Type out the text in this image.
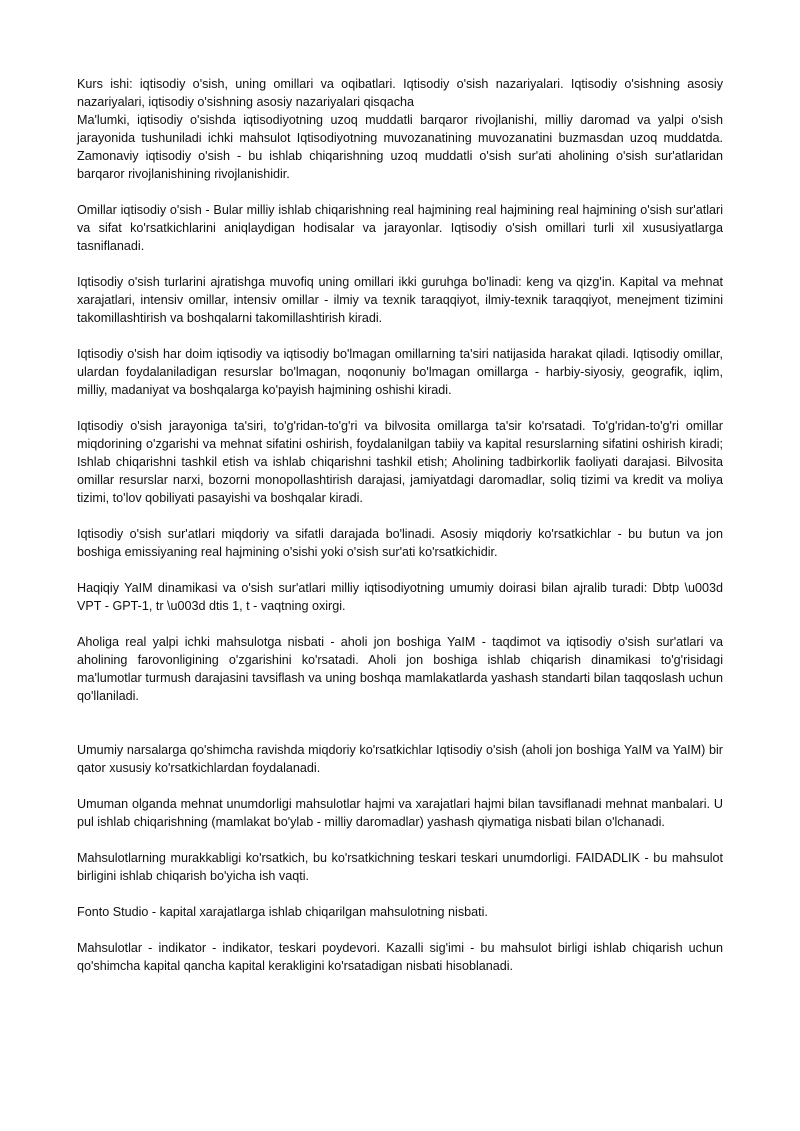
Kurs ishi: iqtisodiy o'sish, uning omillari va oqibatlari. Iqtisodiy o'sish nazariyalari. Iqtisodiy o'sishning asosiy nazariyalari, iqtisodiy o'sishning asosiy nazariyalari qisqacha

Ma'lumki, iqtisodiy o'sishda iqtisodiyotning uzoq muddatli barqaror rivojlanishi, milliy daromad va yalpi o'sish jarayonida tushuniladi ichki mahsulot Iqtisodiyotning muvozanatining muvozanatini buzmasdan uzoq muddatda. Zamonaviy iqtisodiy o'sish - bu ishlab chiqarishning uzoq muddatli o'sish sur'ati aholining o'sish sur'atlaridan barqaror rivojlanishining rivojlanishidir.

Omillar iqtisodiy o'sish - Bular milliy ishlab chiqarishning real hajmining real hajmining real hajmining o'sish sur'atlari va sifat ko'rsatkichlarini aniqlaydigan hodisalar va jarayonlar. Iqtisodiy o'sish omillari turli xil xususiyatlarga tasniflanadi.

Iqtisodiy o'sish turlarini ajratishga muvofiq uning omillari ikki guruhga bo'linadi: keng va qizg'in. Kapital va mehnat xarajatlari, intensiv omillar, intensiv omillar - ilmiy va texnik taraqqiyot, ilmiy-texnik taraqqiyot, menejment tizimini takomillashtirish va boshqalarni takomillashtirish kiradi.

Iqtisodiy o'sish har doim iqtisodiy va iqtisodiy bo'lmagan omillarning ta'siri natijasida harakat qiladi. Iqtisodiy omillar, ulardan foydalaniladigan resurslar bo'lmagan, noqonuniy bo'lmagan omillarga - harbiy-siyosiy, geografik, iqlim, milliy, madaniyat va boshqalarga ko'payish hajmining oshishi kiradi.

Iqtisodiy o'sish jarayoniga ta'siri, to'g'ridan-to'g'ri va bilvosita omillarga ta'sir ko'rsatadi. To'g'ridan-to'g'ri omillar miqdorining o'zgarishi va mehnat sifatini oshirish, foydalanilgan tabiiy va kapital resurslarning sifatini oshirish kiradi; Ishlab chiqarishni tashkil etish va ishlab chiqarishni tashkil etish; Aholining tadbirkorlik faoliyati darajasi. Bilvosita omillar resurslar narxi, bozorni monopollashtirish darajasi, jamiyatdagi daromadlar, soliq tizimi va kredit va moliya tizimi, to'lov qobiliyati pasayishi va boshqalar kiradi.

Iqtisodiy o'sish sur'atlari miqdoriy va sifatli darajada bo'linadi. Asosiy miqdoriy ko'rsatkichlar - bu butun va jon boshiga emissiyaning real hajmining o'sishi yoki o'sish sur'ati ko'rsatkichidir.

Haqiqiy YaIM dinamikasi va o'sish sur'atlari milliy iqtisodiyotning umumiy doirasi bilan ajralib turadi: Dbtp \u003d VPT - GPT-1, tr \u003d dtis 1, t - vaqtning oxirgi.

Aholiga real yalpi ichki mahsulotga nisbati - aholi jon boshiga YaIM - taqdimot va iqtisodiy o'sish sur'atlari va aholining farovonligining o'zgarishini ko'rsatadi. Aholi jon boshiga ishlab chiqarish dinamikasi to'g'risidagi ma'lumotlar turmush darajasini tavsiflash va uning boshqa mamlakatlarda yashash standarti bilan taqqoslash uchun qo'llaniladi.

Umumiy narsalarga qo'shimcha ravishda miqdoriy ko'rsatkichlar Iqtisodiy o'sish (aholi jon boshiga YaIM va YaIM) bir qator xususiy ko'rsatkichlardan foydalanadi.

Umuman olganda mehnat unumdorligi mahsulotlar hajmi va xarajatlari hajmi bilan tavsiflanadi mehnat manbalari. U pul ishlab chiqarishning (mamlakat bo'ylab - milliy daromadlar) yashash qiymatiga nisbati bilan o'lchanadi.

Mahsulotlarning murakkabligi ko'rsatkich, bu ko'rsatkichning teskari teskari unumdorligi. FAIDADLIK - bu mahsulot birligini ishlab chiqarish bo'yicha ish vaqti.

Fonto Studio - kapital xarajatlarga ishlab chiqarilgan mahsulotning nisbati.

Mahsulotlar - indikator - indikator, teskari poydevori. Kazalli sig'imi - bu mahsulot birligi ishlab chiqarish uchun qo'shimcha kapital qancha kapital kerakligini ko'rsatadigan nisbati hisoblanadi.
